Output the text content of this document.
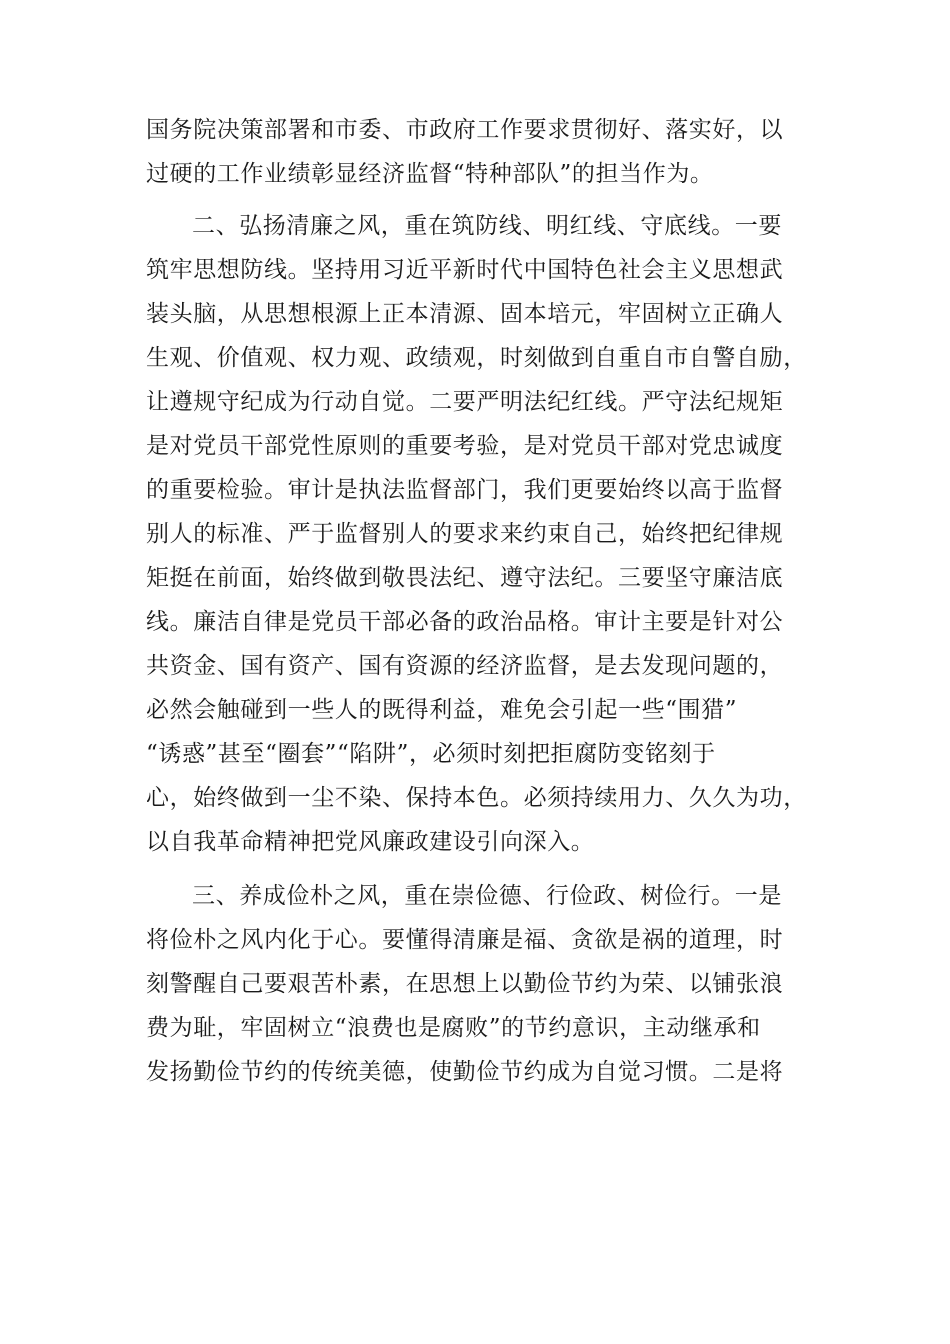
国务院决策部署和市委、市政府工作要求贯彻好、落实好，以
过硬的工作业绩彰显经济监督“特种部队”的担当作为。
二、弘扬清廉之风，重在筑防线、明红线、守底线。一要
筑牢思想防线。坚持用习近平新时代中国特色社会主义思想武
装头脑，从思想根源上正本清源、固本培元，牢固树立正确人
生观、价值观、权力观、政绩观，时刻做到自重自市自警自励，
让遵规守纪成为行动自觉。二要严明法纪红线。严守法纪规矩
是对党员干部党性原则的重要考验，是对党员干部对党忠诚度
的重要检验。审计是执法监督部门，我们更要始终以高于监督
别人的标准、严于监督别人的要求来约束自己，始终把纪律规
矩挺在前面，始终做到敬畏法纪、遵守法纪。三要坚守廉洁底
线。廉洁自律是党员干部必备的政治品格。审计主要是针对公
共资金、国有资产、国有资源的经济监督，是去发现问题的，
必然会触碰到一些人的既得利益，难免会引起一些“围猎”
“诱惑”甚至“圈套”“陷阱”，必须时刻把拒腐防变铭刻于
心，始终做到一尘不染、保持本色。必须持续用力、久久为功，
以自我革命精神把党风廉政建设引向深入。
三、养成俭朴之风，重在崇俭德、行俭政、树俭行。一是
将俭朴之风内化于心。要懂得清廉是福、贪欲是祸的道理，时
刻警醒自己要艰苦朴素，在思想上以勤俭节约为荣、以铺张浪
费为耻，牢固树立“浪费也是腐败”的节约意识，主动继承和
发扬勤俭节约的传统美德，使勤俭节约成为自觉习惯。二是将
